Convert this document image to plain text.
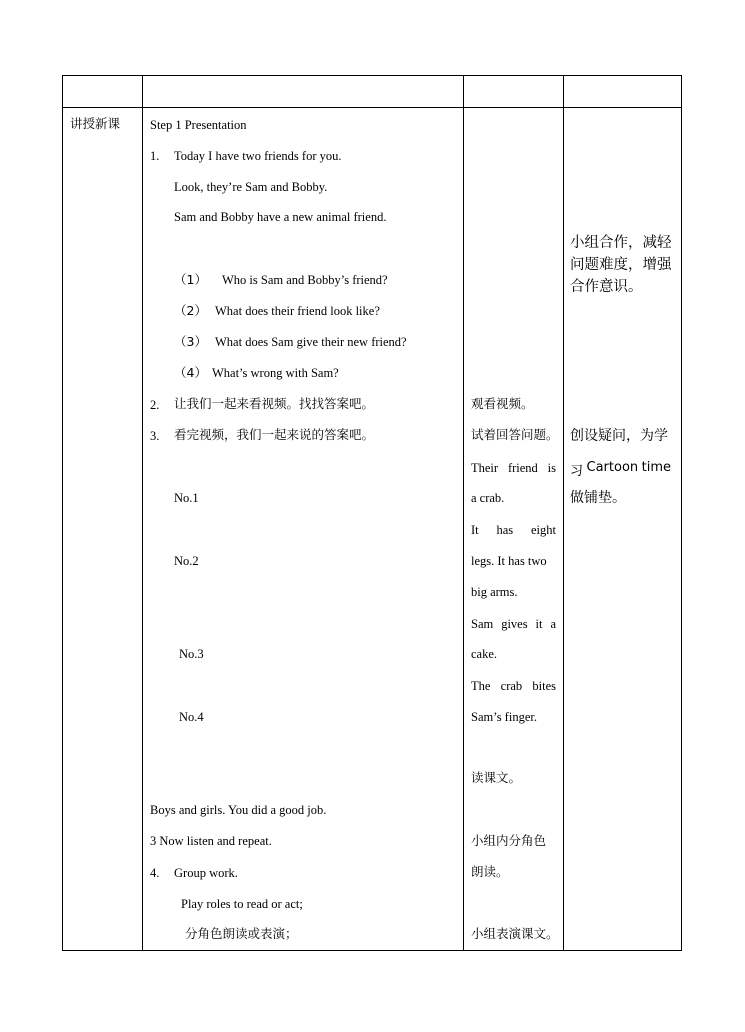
讲授新课 Step 1 Presentation
1. Today I have two friends for you.
Look, they’re Sam and Bobby.
Sam and Bobby have a new animal friend.
（1） Who is Sam and Bobby’s friend?
（2） What does their friend look like?
（3） What does Sam give their new friend?
（4） What’s wrong with Sam?
2. 让我们一起来看视频。找找答案吧。
3. 看完视频，我们一起来说的答案吧。
No.1
No.2
No.3
No.4
Boys and girls. You did a good job.
3 Now listen and repeat.
4. Group work.
Play roles to read or act;
分角色朗读或表演；
观看视频。
试着回答问题。
Their friend is
a crab.
It has eight
legs. It has two
big arms.
Sam gives it a
cake.
The crab bites
Sam’s finger.
读课文。
小组内分角色
朗读。
小组表演课文。
小组合作，减轻问题难度，增强合作意识。
创设疑问，为学
习 Cartoon time
做铺垫。
